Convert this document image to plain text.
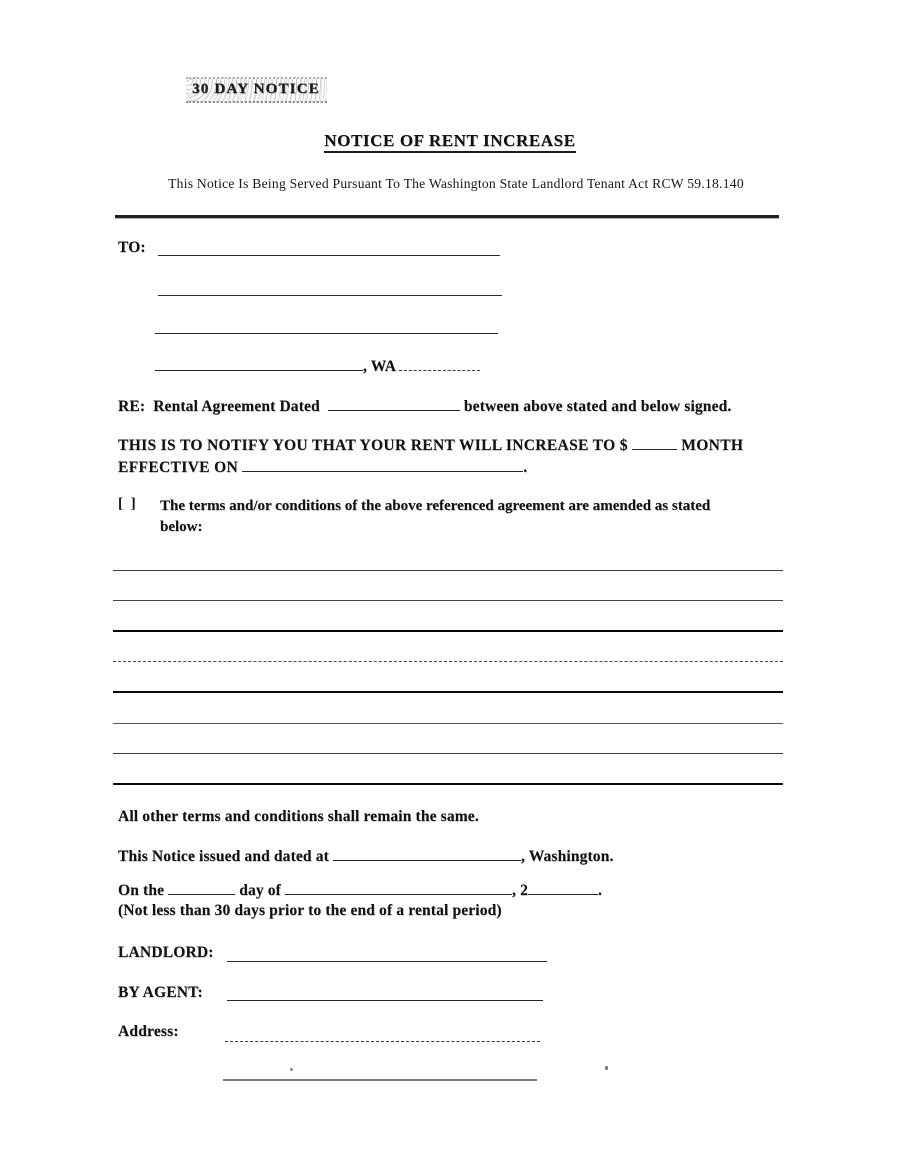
30 DAY NOTICE
NOTICE OF RENT INCREASE
This Notice Is Being Served Pursuant To The Washington State Landlord Tenant Act RCW 59.18.140
TO:
, WA
RE: Rental Agreement Dated	between above stated and below signed.
THIS IS TO NOTIFY YOU THAT YOUR RENT WILL INCREASE TO $	MONTH
EFFECTIVE ON	.
[ ] The terms and/or conditions of the above referenced agreement are amended as stated below:
All other terms and conditions shall remain the same.
This Notice issued and dated at	, Washington.
On the	day of	, 2	.
(Not less than 30 days prior to the end of a rental period)
LANDLORD:
BY AGENT:
Address:
